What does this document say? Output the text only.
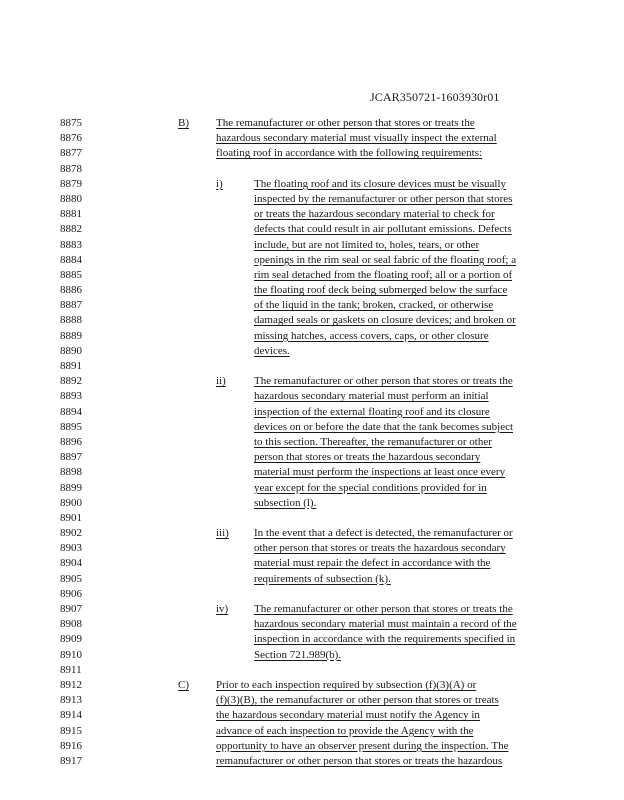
JCAR350721-1603930r01
8875
8876
8877
8878
8879
8880
8881
8882
8883
8884
8885
8886
8887
8888
8889
8890
8891
8892
8893
8894
8895
8896
8897
8898
8899
8900
8901
8902
8903
8904
8905
8906
8907
8908
8909
8910
8911
8912
8913
8914
8915
8916
8917
B) The remanufacturer or other person that stores or treats the
hazardous secondary material must visually inspect the external
floating roof in accordance with the following requirements:
i)	The floating roof and its closure devices must be visually
inspected by the remanufacturer or other person that stores
or treats the hazardous secondary material to check for
defects that could result in air pollutant emissions. Defects
include, but are not limited to, holes, tears, or other
openings in the rim seal or seal fabric of the floating roof; a
rim seal detached from the floating roof; all or a portion of
the floating roof deck being submerged below the surface
of the liquid in the tank; broken, cracked, or otherwise
damaged seals or gaskets on closure devices; and broken or
missing hatches, access covers, caps, or other closure
devices.
ii)	The remanufacturer or other person that stores or treats the
hazardous secondary material must perform an initial
inspection of the external floating roof and its closure
devices on or before the date that the tank becomes subject
to this section. Thereafter, the remanufacturer or other
person that stores or treats the hazardous secondary
material must perform the inspections at least once every
year except for the special conditions provided for in
subsection (l).
iii) In the event that a defect is detected, the remanufacturer or
other person that stores or treats the hazardous secondary
material must repair the defect in accordance with the
requirements of subsection (k).
iv) The remanufacturer or other person that stores or treats the
hazardous secondary material must maintain a record of the
inspection in accordance with the requirements specified in
Section 721.989(b).
C) Prior to each inspection required by subsection (f)(3)(A) or
(f)(3)(B), the remanufacturer or other person that stores or treats
the hazardous secondary material must notify the Agency in
advance of each inspection to provide the Agency with the
opportunity to have an observer present during the inspection. The
remanufacturer or other person that stores or treats the hazardous
